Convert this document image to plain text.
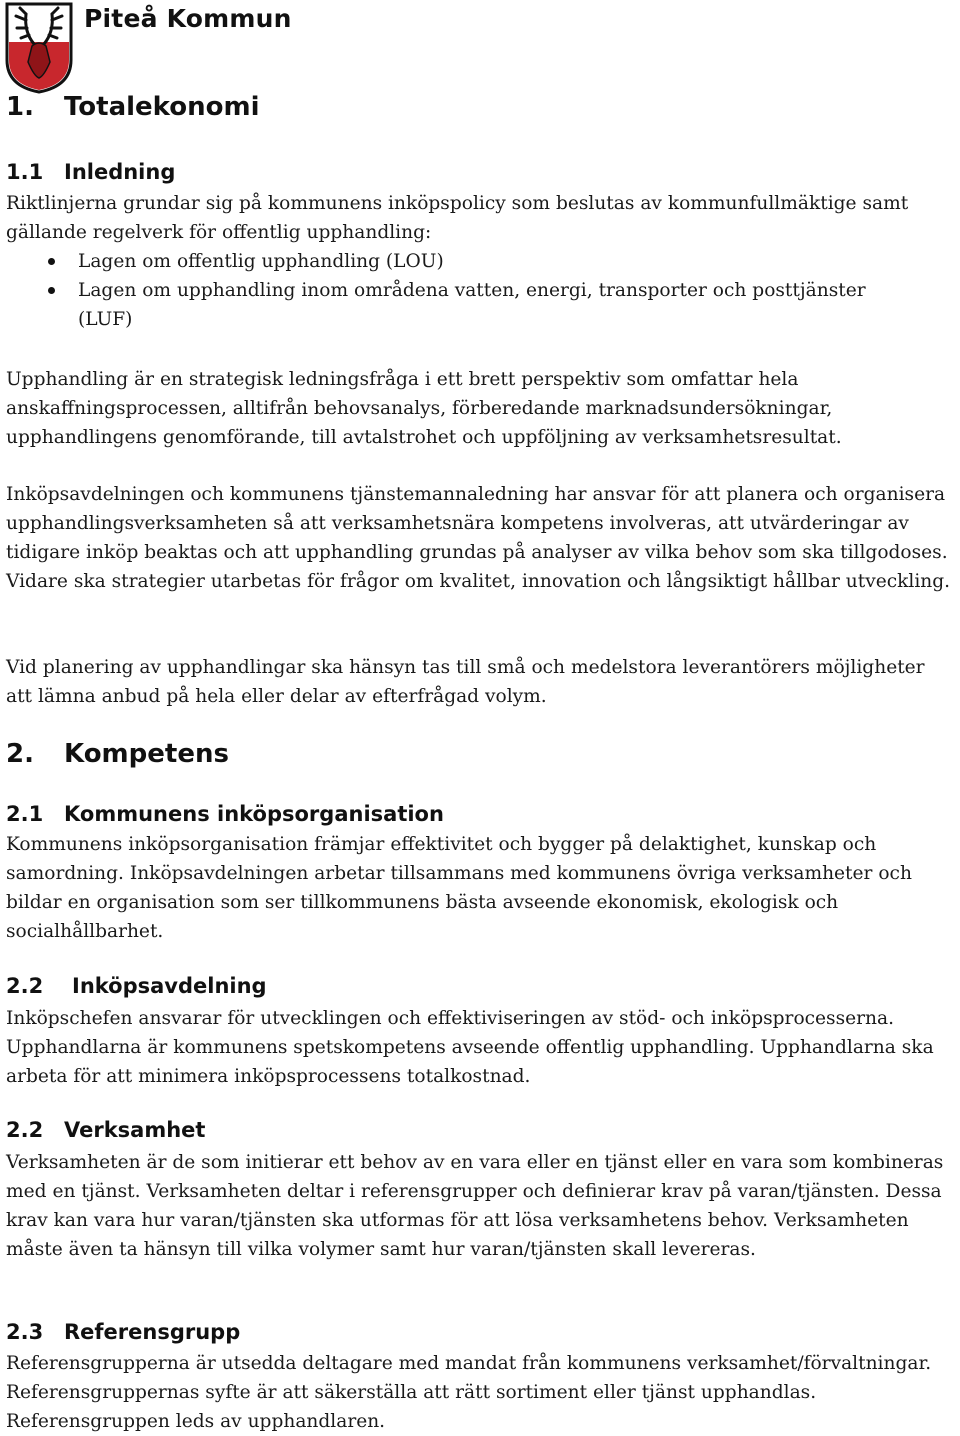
Piteå Kommun
1. Totalekonomi
1.1 Inledning

Riktlinjerna grundar sig på kommunens inköpspolicy som beslutas av kommunfullmäktige samt gällande regelverk för offentlig upphandling:

Lagen om offentlig upphandling (LOU)
Lagen om upphandling inom områdena vatten, energi, transporter och posttjänster (LUF)

Upphandling är en strategisk ledningsfråga i ett brett perspektiv som omfattar hela anskaffningsprocessen, alltifrån behovsanalys, förberedande marknadsundersökningar, upphandlingens genomförande, till avtalstrohet och uppföljning av verksamhetsresultat.

Inköpsavdelningen och kommunens tjänstemannaledning har ansvar för att planera och organisera upphandlingsverksamheten så att verksamhetsnära kompetens involveras, att utvärderingar av tidigare inköp beaktas och att upphandling grundas på analyser av vilka behov som ska tillgodoses. Vidare ska strategier utarbetas för frågor om kvalitet, innovation och långsiktigt hållbar utveckling.

Vid planering av upphandlingar ska hänsyn tas till små och medelstora leverantörers möjligheter att lämna anbud på hela eller delar av efterfrågad volym.

2. Kompetens
2.1 Kommunens inköpsorganisation

Kommunens inköpsorganisation främjar effektivitet och bygger på delaktighet, kunskap och samordning. Inköpsavdelningen arbetar tillsammans med kommunens övriga verksamheter och bildar en organisation som ser tillkommunens bästa avseende ekonomisk, ekologisk och socialhållbarhet.

2.2 Inköpsavdelning

Inköpschefen ansvarar för utvecklingen och effektiviseringen av stöd- och inköpsprocesserna. Upphandlarna är kommunens spetskompetens avseende offentlig upphandling. Upphandlarna ska arbeta för att minimera inköpsprocessens totalkostnad.

2.2 Verksamhet

Verksamheten är de som initierar ett behov av en vara eller en tjänst eller en vara som kombineras med en tjänst. Verksamheten deltar i referensgrupper och definierar krav på varan/tjänsten. Dessa krav kan vara hur varan/tjänsten ska utformas för att lösa verksamhetens behov. Verksamheten måste även ta hänsyn till vilka volymer samt hur varan/tjänsten skall levereras.

2.3 Referensgrupp

Referensgrupperna är utsedda deltagare med mandat från kommunens verksamhet/förvaltningar. Referensgruppernas syfte är att säkerställa att rätt sortiment eller tjänst upphandlas. Referensgruppen leds av upphandlaren.
